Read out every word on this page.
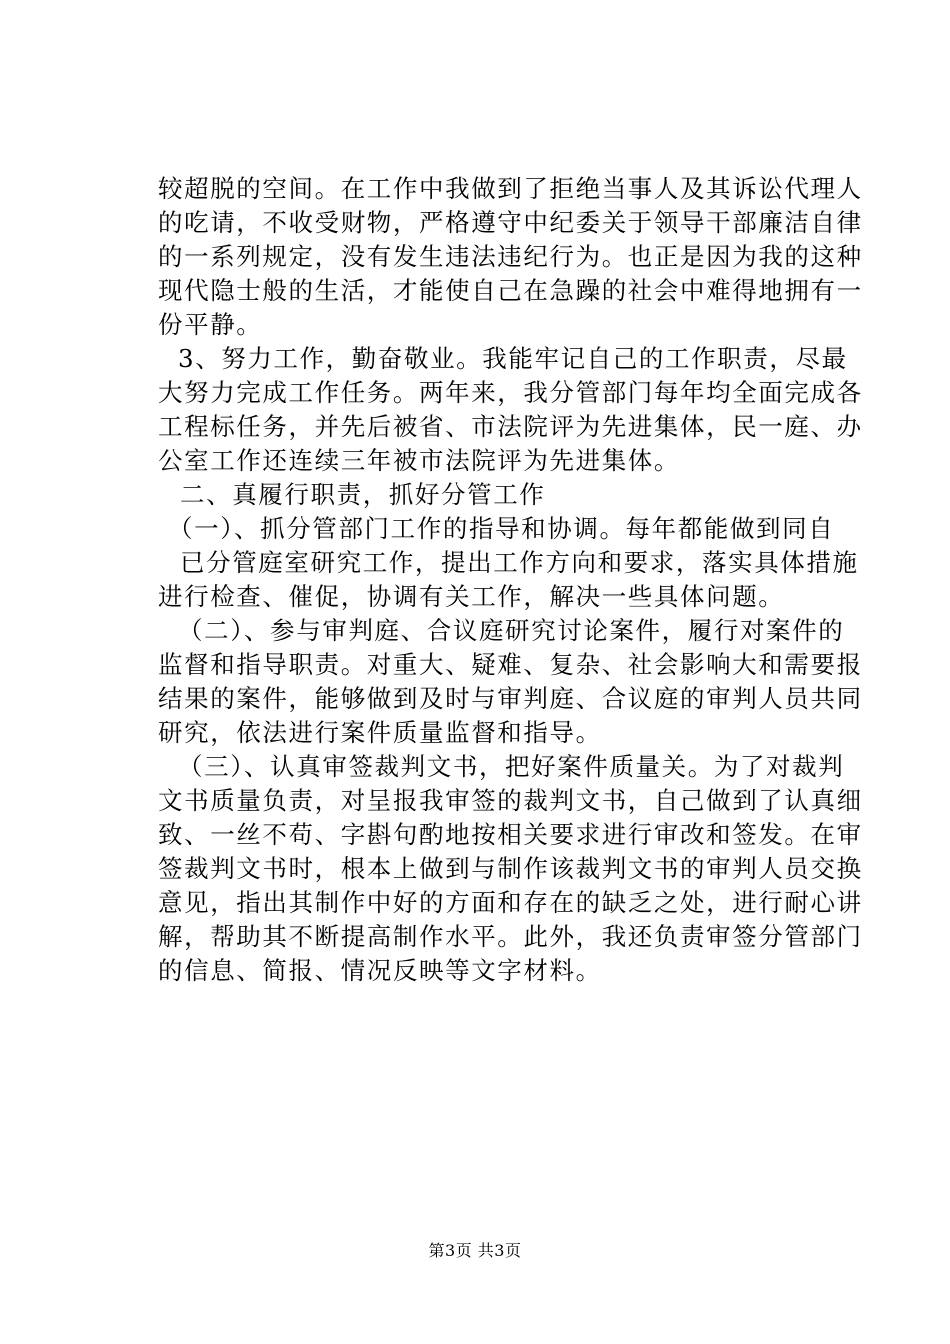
较超脱的空间。在工作中我做到了拒绝当事人及其诉讼代理人
的吃请，不收受财物，严格遵守中纪委关于领导干部廉洁自律
的一系列规定，没有发生违法违纪行为。也正是因为我的这种
现代隐士般的生活，才能使自己在急躁的社会中难得地拥有一
份平静。
3、努力工作，勤奋敬业。我能牢记自己的工作职责，尽最
大努力完成工作任务。两年来，我分管部门每年均全面完成各
工程标任务，并先后被省、市法院评为先进集体，民一庭、办
公室工作还连续三年被市法院评为先进集体。
二、真履行职责，抓好分管工作
（一）、抓分管部门工作的指导和协调。每年都能做到同自
已分管庭室研究工作，提出工作方向和要求，落实具体措施
进行检查、催促，协调有关工作，解决一些具体问题。
（二）、参与审判庭、合议庭研究讨论案件，履行对案件的
监督和指导职责。对重大、疑难、复杂、社会影响大和需要报
结果的案件，能够做到及时与审判庭、合议庭的审判人员共同
研究，依法进行案件质量监督和指导。
（三）、认真审签裁判文书，把好案件质量关。为了对裁判
文书质量负责，对呈报我审签的裁判文书，自己做到了认真细
致、一丝不苟、字斟句酌地按相关要求进行审改和签发。在审
签裁判文书时，根本上做到与制作该裁判文书的审判人员交换
意见，指出其制作中好的方面和存在的缺乏之处，进行耐心讲
解，帮助其不断提高制作水平。此外，我还负责审签分管部门
的信息、简报、情况反映等文字材料。
第3页 共3页
